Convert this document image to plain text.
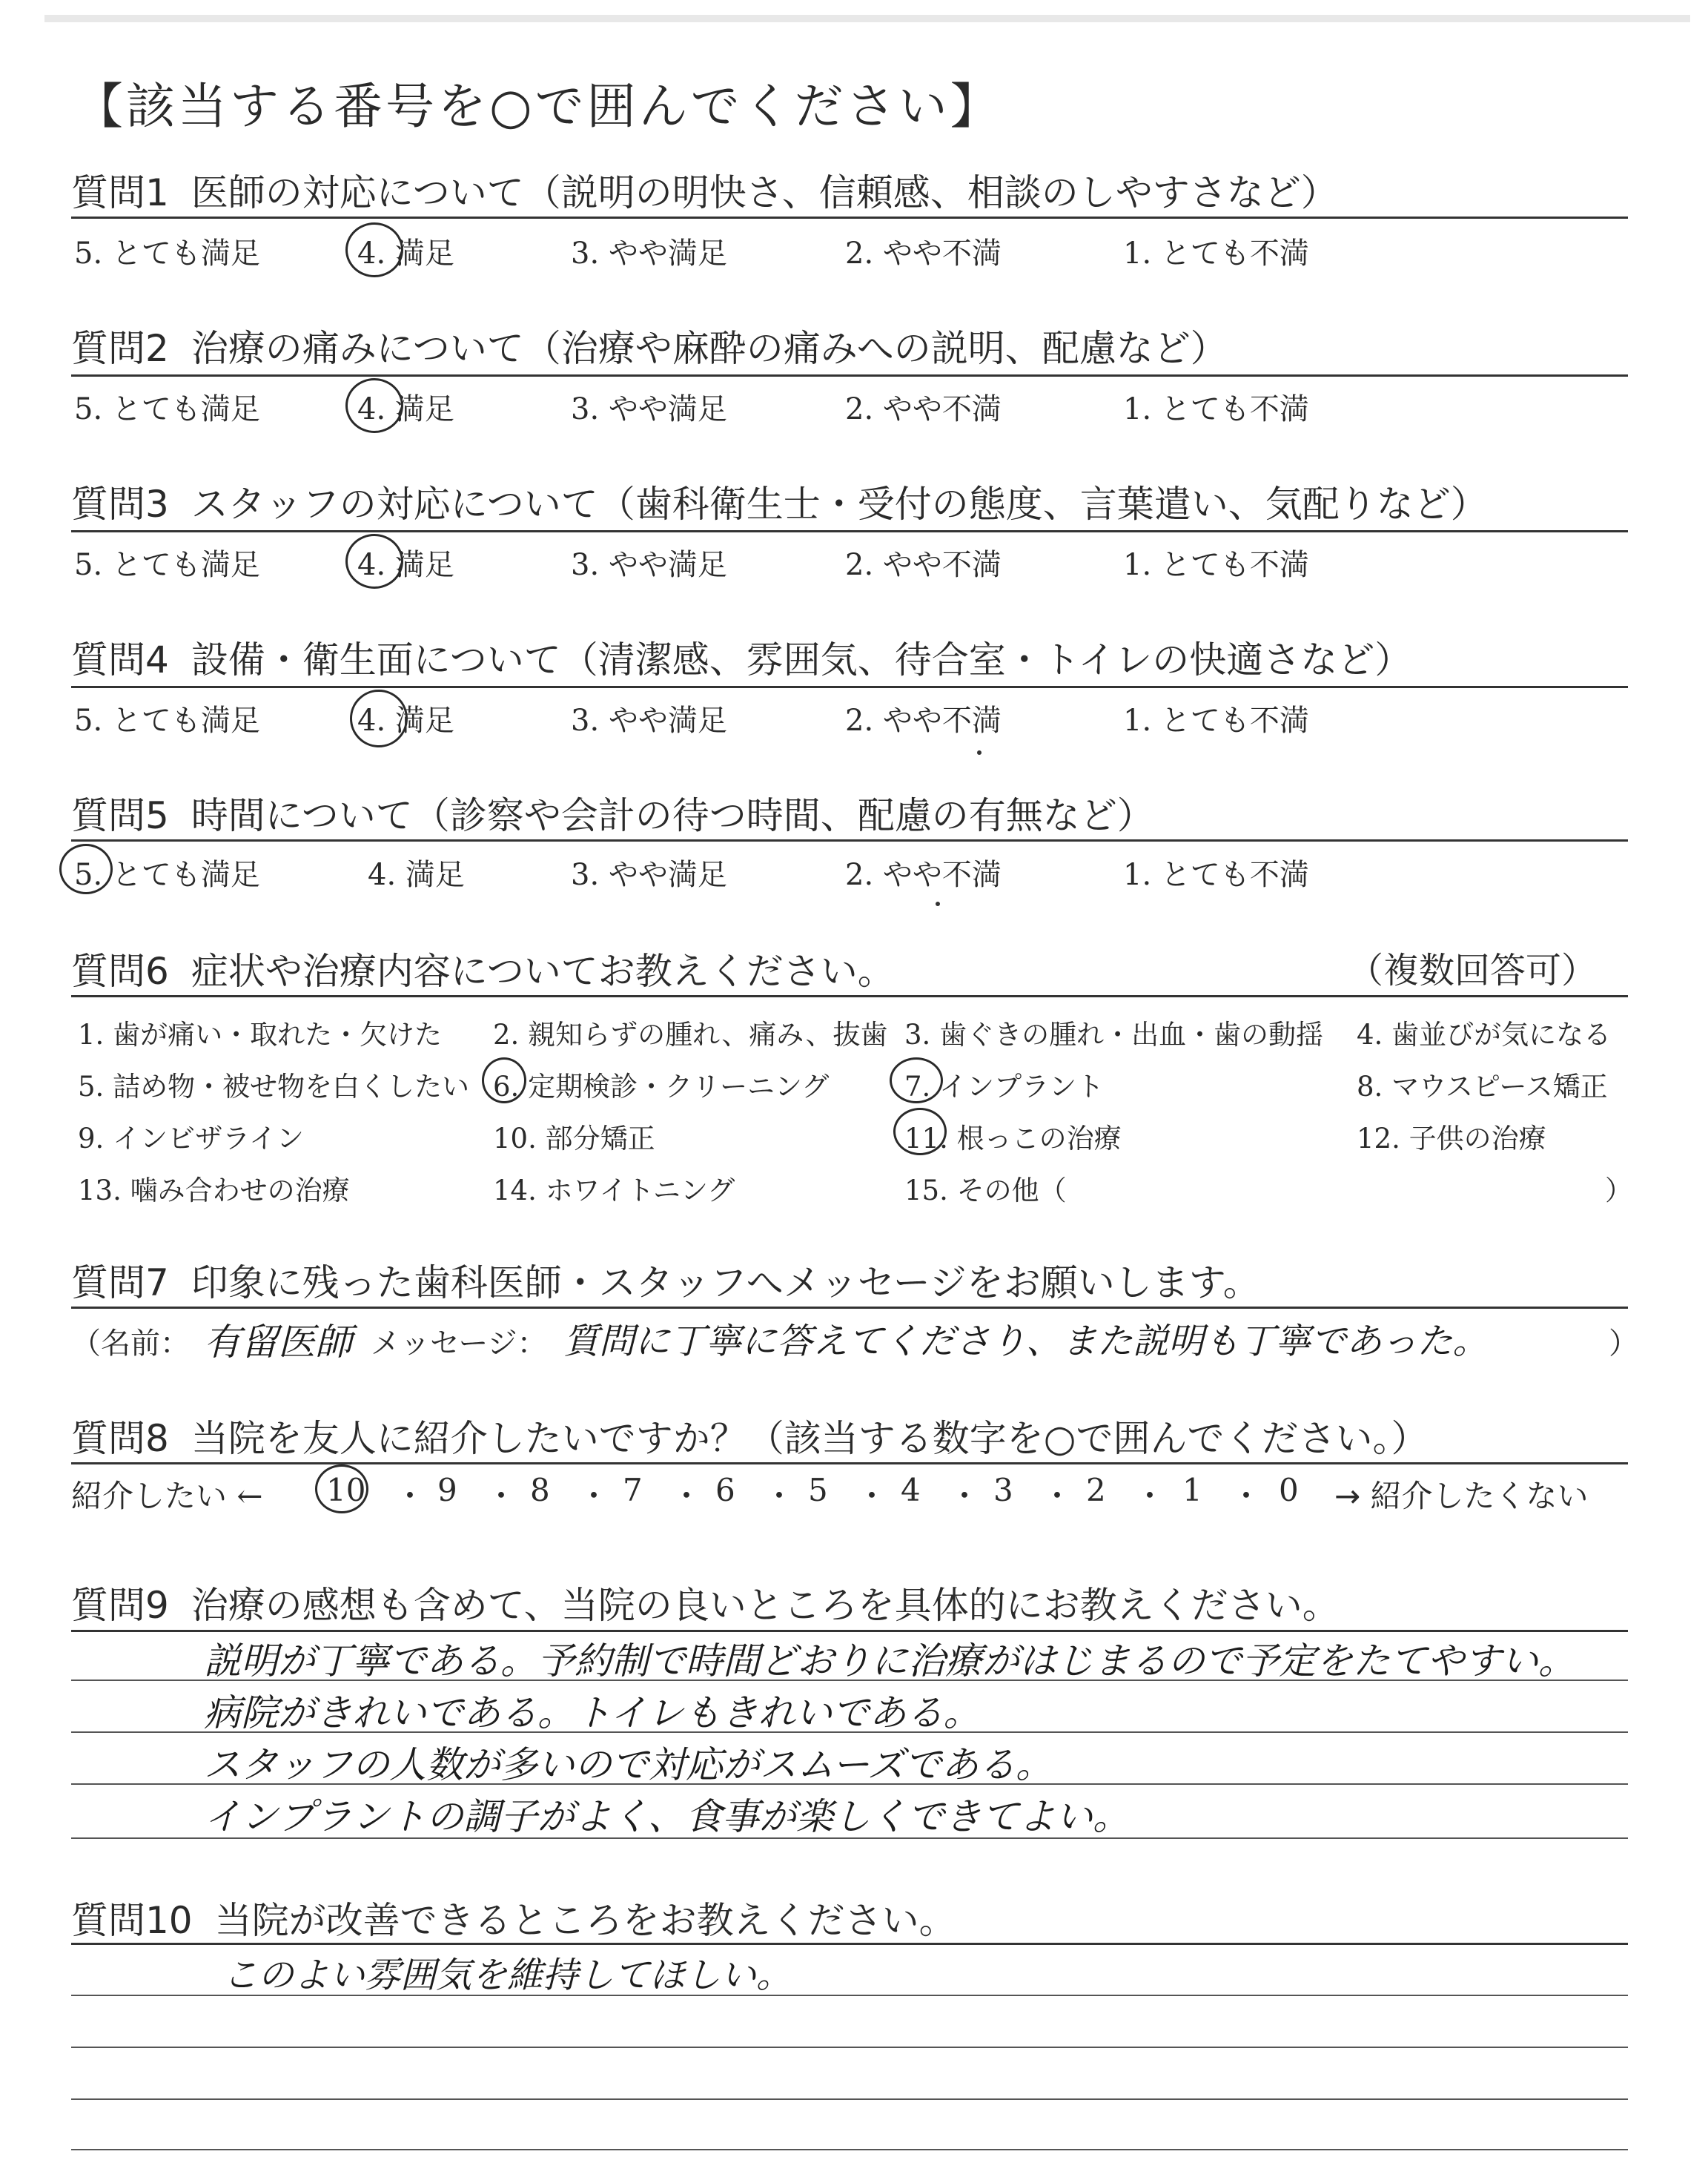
【該当する番号を○で囲んでください】
質問1 医師の対応について（説明の明快さ、信頼感、相談のしやすさなど）
5. とても満足	4. 満足	3. やや満足	2. やや不満	1. とても不満
質問2 治療の痛みについて（治療や麻酔の痛みへの説明、配慮など）
5. とても満足	4. 満足	3. やや満足	2. やや不満	1. とても不満
質問3 スタッフの対応について（歯科衛生士・受付の態度、言葉遣い、気配りなど）
5. とても満足	4. 満足	3. やや満足	2. やや不満	1. とても不満
質問4 設備・衛生面について（清潔感、雰囲気、待合室・トイレの快適さなど）
5. とても満足	4. 満足	3. やや満足	2. やや不満	1. とても不満
質問5 時間について（診察や会計の待つ時間、配慮の有無など）
5. とても満足	4. 満足	3. やや満足	2. やや不満	1. とても不満
質問6 症状や治療内容についてお教えください。	（複数回答可）
1. 歯が痛い・取れた・欠けた 2. 親知らずの腫れ、痛み、抜歯 3. 歯ぐきの腫れ・出血・歯の動揺 4. 歯並びが気になる
5. 詰め物・被せ物を白くしたい 6. 定期検診・クリーニング	7. インプラント	8. マウスピース矯正
9. インビザライン	10. 部分矯正	11. 根っこの治療	12. 子供の治療
13. 噛み合わせの治療	14. ホワイトニング	15. その他（	）
質問7 印象に残った歯科医師・スタッフへメッセージをお願いします。
（名前： 有留医師 メッセージ： 質問に丁寧に答えてくださり、また説明も丁寧であった。	）
質問8 当院を友人に紹介したいですか？（該当する数字を○で囲んでください。）
紹介したい ← 10 ・ 9 ・ 8 ・ 7 ・ 6 ・ 5 ・ 4 ・ 3 ・ 2 ・ 1 ・ 0 → 紹介したくない
質問9 治療の感想も含めて、当院の良いところを具体的にお教えください。
説明が丁寧である。予約制で時間どおりに治療がはじまるので予定をたてやすい。
病院がきれいである。トイレもきれいである。
スタッフの人数が多いので対応がスムーズである。
インプラントの調子がよく、食事が楽しくできてよい。
質問10 当院が改善できるところをお教えください。
このよい雰囲気を維持してほしい。
